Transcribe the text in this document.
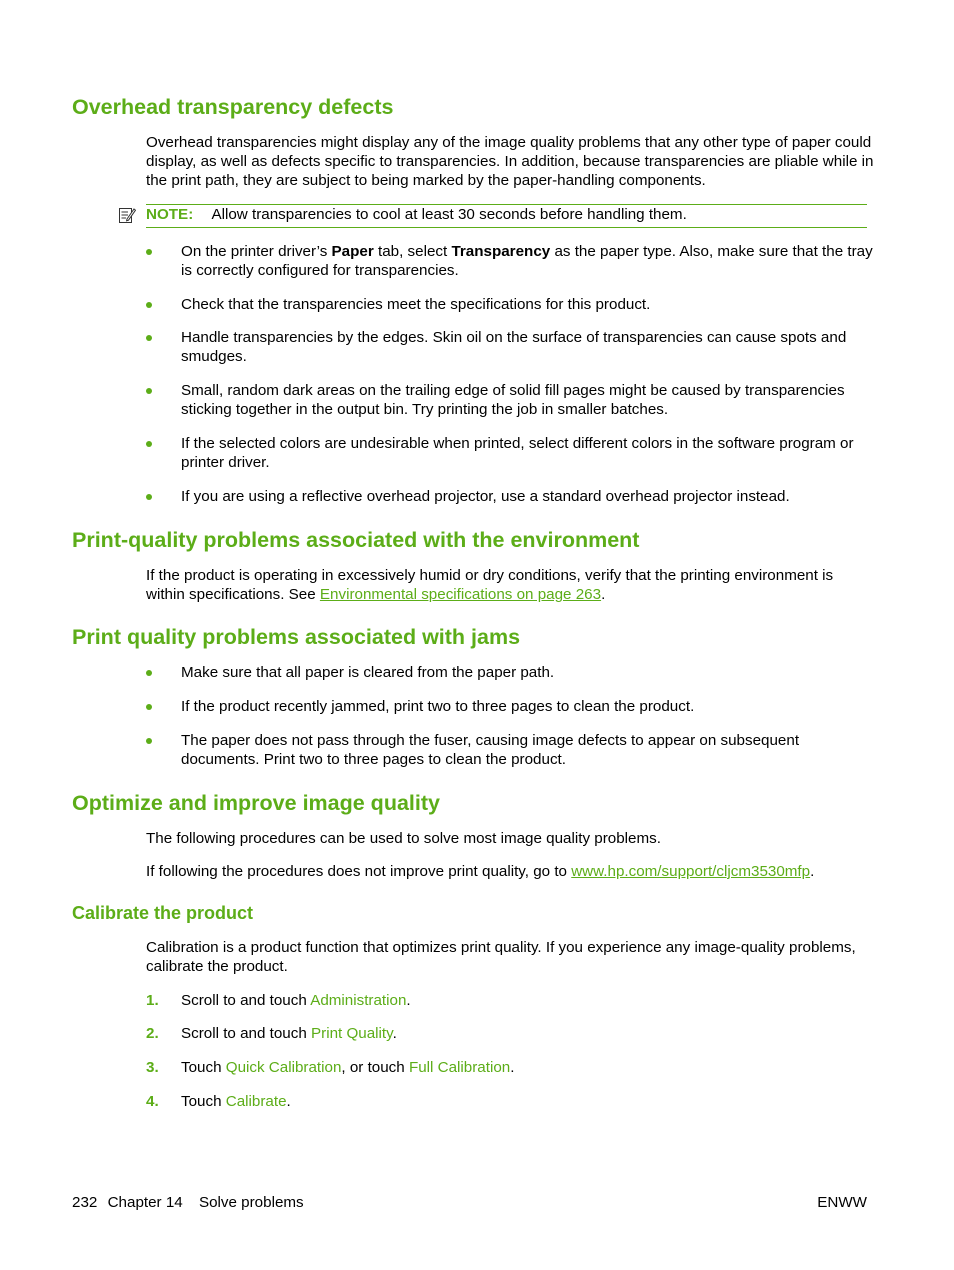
Overhead transparency defects

Overhead transparencies might display any of the image quality problems that any other type of paper could display, as well as defects specific to transparencies. In addition, because transparencies are pliable while in the print path, they are subject to being marked by the paper-handling components.

NOTE: Allow transparencies to cool at least 30 seconds before handling them.
On the printer driver’s Paper tab, select Transparency as the paper type. Also, make sure that the tray is correctly configured for transparencies.
Check that the transparencies meet the specifications for this product.
Handle transparencies by the edges. Skin oil on the surface of transparencies can cause spots and smudges.
Small, random dark areas on the trailing edge of solid fill pages might be caused by transparencies sticking together in the output bin. Try printing the job in smaller batches.
If the selected colors are undesirable when printed, select different colors in the software program or printer driver.
If you are using a reflective overhead projector, use a standard overhead projector instead.
Print-quality problems associated with the environment

If the product is operating in excessively humid or dry conditions, verify that the printing environment is within specifications. See Environmental specifications on page 263.

Print quality problems associated with jams
Make sure that all paper is cleared from the paper path.
If the product recently jammed, print two to three pages to clean the product.
The paper does not pass through the fuser, causing image defects to appear on subsequent documents. Print two to three pages to clean the product.
Optimize and improve image quality

The following procedures can be used to solve most image quality problems.

If following the procedures does not improve print quality, go to www.hp.com/support/cljcm3530mfp.

Calibrate the product

Calibration is a product function that optimizes print quality. If you experience any image-quality problems, calibrate the product.

1. Scroll to and touch Administration.
2. Scroll to and touch Print Quality.
3. Touch Quick Calibration, or touch Full Calibration.
4. Touch Calibrate.
232 Chapter 14 Solve problems	ENWW
